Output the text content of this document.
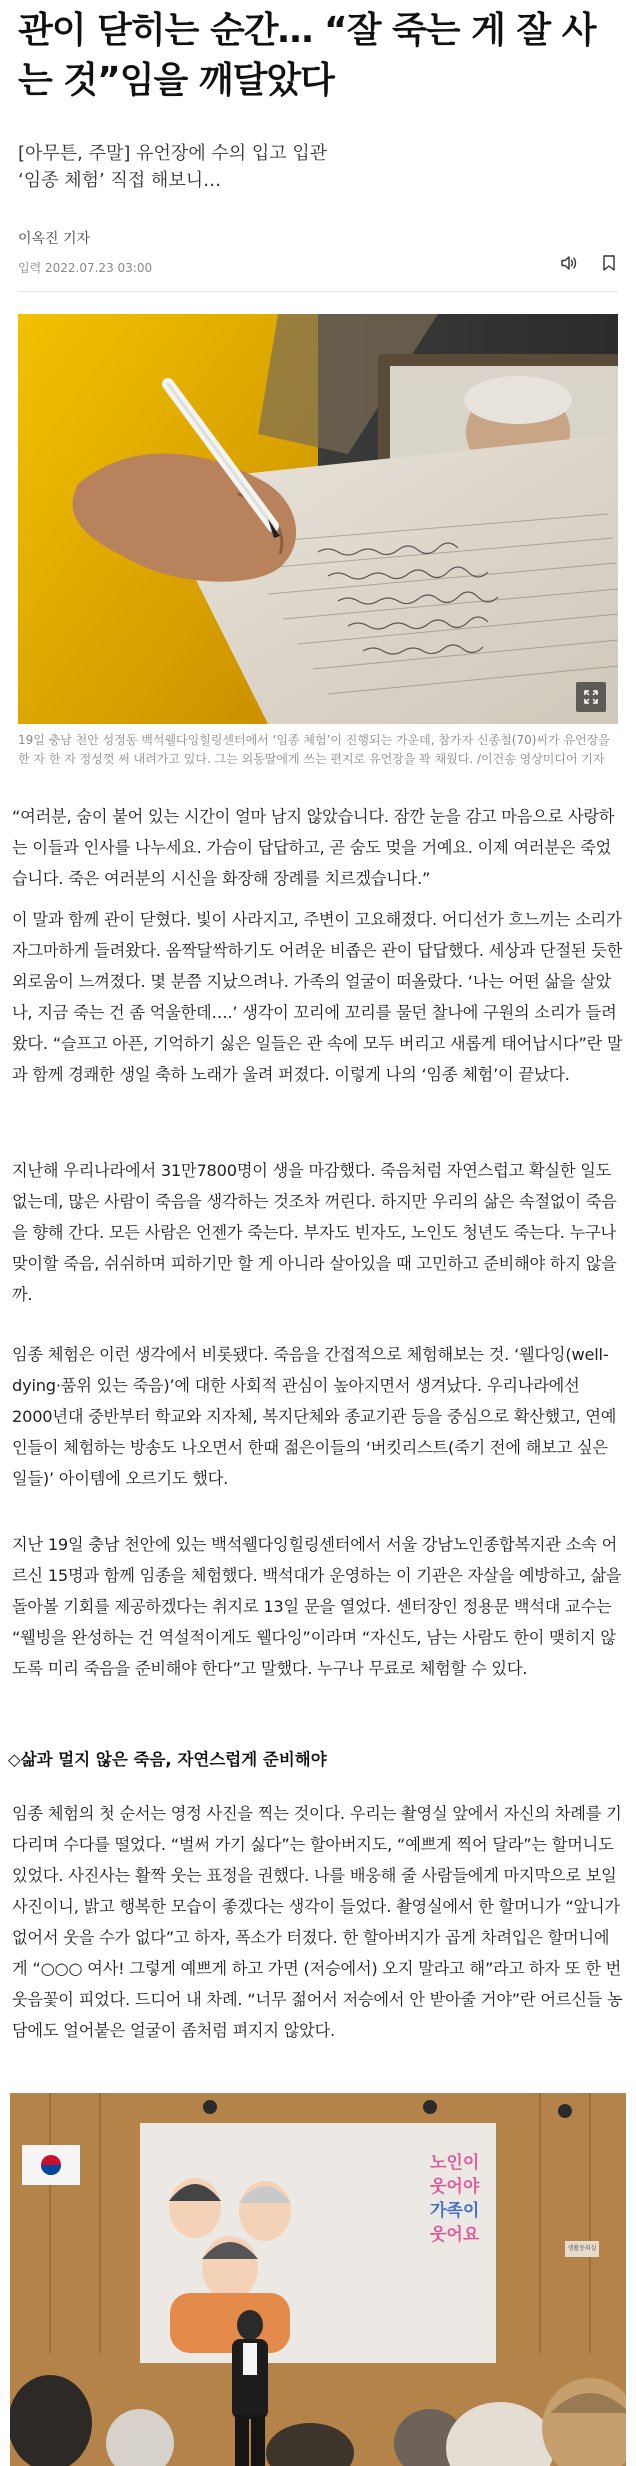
관이 닫히는 순간… “잘 죽는 게 잘 사는 것”임을 깨달았다
[아무튼, 주말] 유언장에 수의 입고 입관
‘임종 체험’ 직접 해보니…
이옥진 기자
입력 2022.07.23 03:00

19일 충남 천안 성정동 백석웰다잉힐링센터에서 ‘임종 체험’이 진행되는 가운데, 참가자 신종철(70)씨가 유언장을 한 자 한 자 정성껏 써 내려가고 있다. 그는 외동딸에게 쓰는 편지로 유언장을 꽉 채웠다. /이건송 영상미디어 기자

“여러분, 숨이 붙어 있는 시간이 얼마 남지 않았습니다. 잠깐 눈을 감고 마음으로 사랑하는 이들과 인사를 나누세요. 가슴이 답답하고, 곧 숨도 멎을 거예요. 이제 여러분은 죽었습니다. 죽은 여러분의 시신을 화장해 장례를 치르겠습니다.”

이 말과 함께 관이 닫혔다. 빛이 사라지고, 주변이 고요해졌다. 어디선가 흐느끼는 소리가 자그마하게 들려왔다. 옴짝달싹하기도 어려운 비좁은 관이 답답했다. 세상과 단절된 듯한 외로움이 느껴졌다. 몇 분쯤 지났으려나. 가족의 얼굴이 떠올랐다. ‘나는 어떤 삶을 살았나, 지금 죽는 건 좀 억울한데….’ 생각이 꼬리에 꼬리를 물던 찰나에 구원의 소리가 들려왔다. “슬프고 아픈, 기억하기 싫은 일들은 관 속에 모두 버리고 새롭게 태어납시다”란 말과 함께 경쾌한 생일 축하 노래가 울려 퍼졌다. 이렇게 나의 ‘임종 체험’이 끝났다.

지난해 우리나라에서 31만7800명이 생을 마감했다. 죽음처럼 자연스럽고 확실한 일도 없는데, 많은 사람이 죽음을 생각하는 것조차 꺼린다. 하지만 우리의 삶은 속절없이 죽음을 향해 간다. 모든 사람은 언젠가 죽는다. 부자도 빈자도, 노인도 청년도 죽는다. 누구나 맞이할 죽음, 쉬쉬하며 피하기만 할 게 아니라 살아있을 때 고민하고 준비해야 하지 않을까.

임종 체험은 이런 생각에서 비롯됐다. 죽음을 간접적으로 체험해보는 것. ‘웰다잉(well-dying·품위 있는 죽음)’에 대한 사회적 관심이 높아지면서 생겨났다. 우리나라에선 2000년대 중반부터 학교와 지자체, 복지단체와 종교기관 등을 중심으로 확산했고, 연예인들이 체험하는 방송도 나오면서 한때 젊은이들의 ‘버킷리스트(죽기 전에 해보고 싶은 일들)’ 아이템에 오르기도 했다.

지난 19일 충남 천안에 있는 백석웰다잉힐링센터에서 서울 강남노인종합복지관 소속 어르신 15명과 함께 임종을 체험했다. 백석대가 운영하는 이 기관은 자살을 예방하고, 삶을 돌아볼 기회를 제공하겠다는 취지로 13일 문을 열었다. 센터장인 정용문 백석대 교수는 “웰빙을 완성하는 건 역설적이게도 웰다잉”이라며 “자신도, 남는 사람도 한이 맺히지 않도록 미리 죽음을 준비해야 한다”고 말했다. 누구나 무료로 체험할 수 있다.

◇삶과 멀지 않은 죽음, 자연스럽게 준비해야

임종 체험의 첫 순서는 영정 사진을 찍는 것이다. 우리는 촬영실 앞에서 자신의 차례를 기다리며 수다를 떨었다. “벌써 가기 싫다”는 할아버지도, “예쁘게 찍어 달라”는 할머니도 있었다. 사진사는 활짝 웃는 표정을 권했다. 나를 배웅해 줄 사람들에게 마지막으로 보일 사진이니, 밝고 행복한 모습이 좋겠다는 생각이 들었다. 촬영실에서 한 할머니가 “앞니가 없어서 웃을 수가 없다”고 하자, 폭소가 터졌다. 한 할아버지가 곱게 차려입은 할머니에게 “○○○ 여사! 그렇게 예쁘게 하고 가면 (저승에서) 오지 말라고 해”라고 하자 또 한 번 웃음꽃이 피었다. 드디어 내 차례. “너무 젊어서 저승에서 안 받아줄 거야”란 어르신들 농담에도 얼어붙은 얼굴이 좀처럼 펴지지 않았다.

노인이
웃어야
가족이
웃어요
생활동의실
